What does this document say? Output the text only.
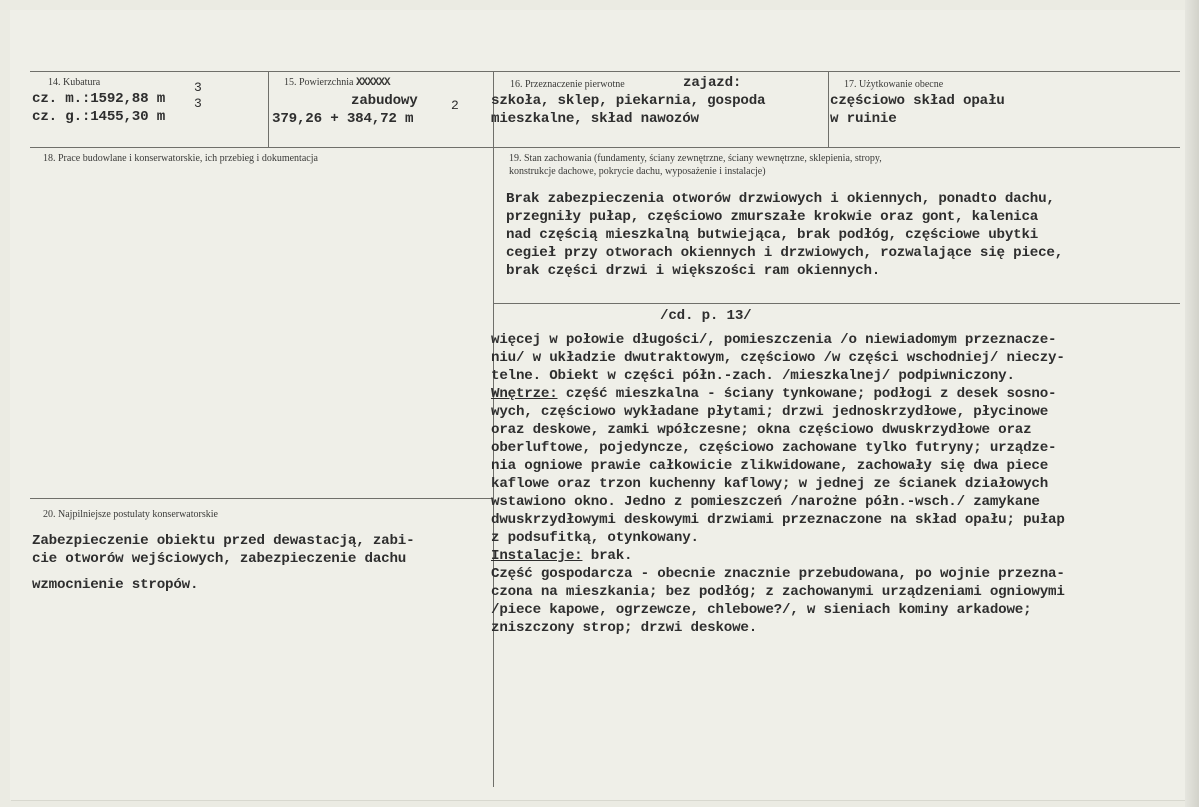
14. Kubatura
cz. m.:1592,88 m
3
cz. g.:1455,30 m
3
15. Powierzchnia XXXXXX
zabudowy
379,26 + 384,72 m
2
16. Przeznaczenie pierwotne	zajazd:
szkoła, sklep, piekarnia, gospoda
mieszkalne, skład nawozów
17. Użytkowanie obecne
częściowo skład opału
w ruinie
18. Prace budowlane i konserwatorskie, ich przebieg i dokumentacja	19. Stan zachowania (fundamenty, ściany zewnętrzne, ściany wewnętrzne, sklepienia, stropy,
konstrukcje dachowe, pokrycie dachu, wyposażenie i instalacje)
Brak zabezpieczenia otworów drzwiowych i okiennych, ponadto dachu,
przegniły pułap, częściowo zmurszałe krokwie oraz gont, kalenica
nad częścią mieszkalną butwiejąca, brak podłóg, częściowe ubytki
cegieł przy otworach okiennych i drzwiowych, rozwalające się piece,
brak części drzwi i większości ram okiennych.
/cd. p. 13/
więcej w połowie długości/, pomieszczenia /o niewiadomym przeznacze-
niu/ w układzie dwutraktowym, częściowo /w części wschodniej/ nieczy-
telne. Obiekt w części półn.-zach. /mieszkalnej/ podpiwniczony.
Wnętrze: część mieszkalna - ściany tynkowane; podłogi z desek sosno-
wych, częściowo wykładane płytami; drzwi jednoskrzydłowe, płycinowe
oraz deskowe, zamki wpółczesne; okna częściowo dwuskrzydłowe oraz
oberluftowe, pojedyncze, częściowo zachowane tylko futryny; urządze-
nia ogniowe prawie całkowicie zlikwidowane, zachowały się dwa piece
kaflowe oraz trzon kuchenny kaflowy; w jednej ze ścianek działowych
wstawiono okno. Jedno z pomieszczeń /narożne półn.-wsch./ zamykane
dwuskrzydłowymi deskowymi drzwiami przeznaczone na skład opału; pułap
z podsufitką, otynkowany.
Instalacje: brak.
Część gospodarcza - obecnie znacznie przebudowana, po wojnie przezna-
czona na mieszkania; bez podłóg; z zachowanymi urządzeniami ogniowymi
/piece kapowe, ogrzewcze, chlebowe?/, w sieniach kominy arkadowe;
zniszczony strop; drzwi deskowe.
20. Najpilniejsze postulaty konserwatorskie
Zabezpieczenie obiektu przed dewastacją, zabi-
cie otworów wejściowych, zabezpieczenie dachu
wzmocnienie stropów.
